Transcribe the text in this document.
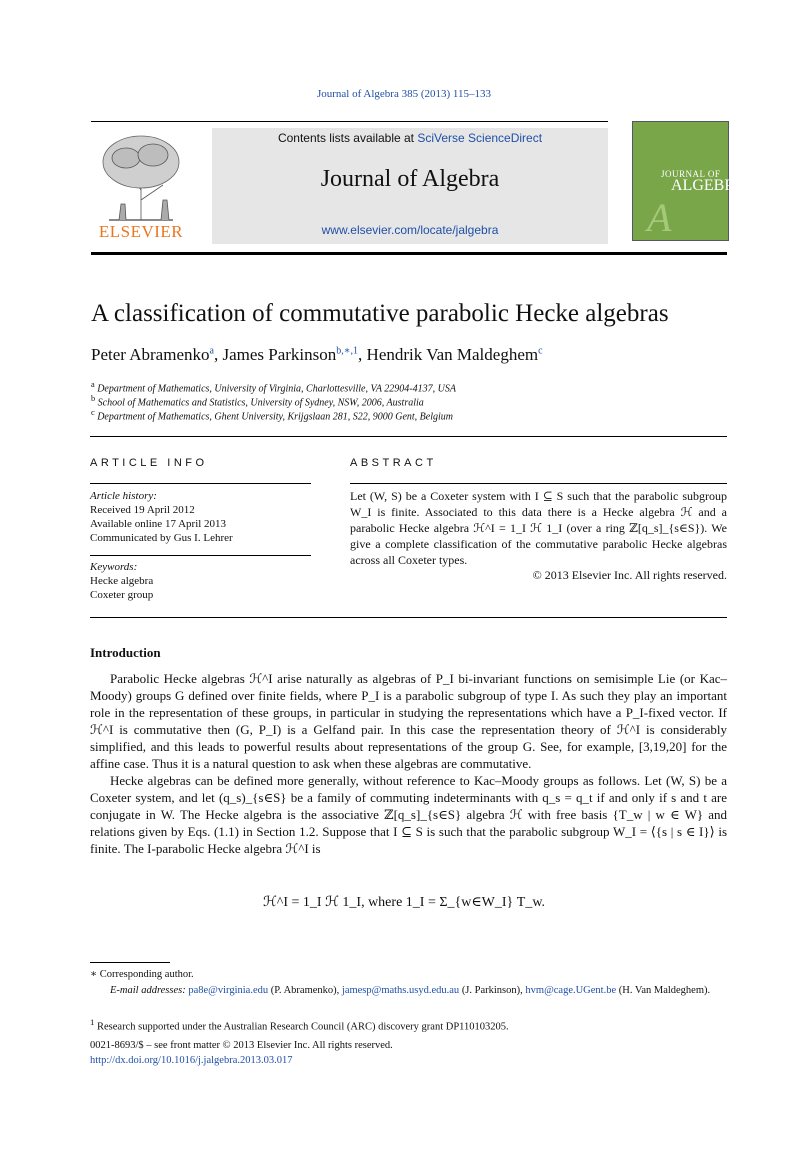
Journal of Algebra 385 (2013) 115–133
ELSEVIER
Contents lists available at SciVerse ScienceDirect
Journal of Algebra
www.elsevier.com/locate/jalgebra
JOURNAL OF
ALGEBRA
A
A classification of commutative parabolic Hecke algebras
Peter Abramenko$^a$, James Parkinson$^{b,∗,1}$, Hendrik Van Maldeghem$^c$
$^a$ Department of Mathematics, University of Virginia, Charlottesville, VA 22904-4137, USA
$^b$ School of Mathematics and Statistics, University of Sydney, NSW, 2006, Australia
$^c$ Department of Mathematics, Ghent University, Krijgslaan 281, S22, 9000 Gent, Belgium
ARTICLE INFO
Article history:
Received 19 April 2012
Available online 17 April 2013
Communicated by Gus I. Lehrer
Keywords:
Hecke algebra
Coxeter group
ABSTRACT
Let (W, S) be a Coxeter system with I ⊆ S such that the parabolic subgroup W_I is finite. Associated to this data there is a Hecke algebra ℋ and a parabolic Hecke algebra ℋ^I = 1_I ℋ 1_I (over a ring ℤ[q_s]_{s∈S}). We give a complete classification of the commutative parabolic Hecke algebras across all Coxeter types.
© 2013 Elsevier Inc. All rights reserved.
Introduction

Parabolic Hecke algebras ℋ^I arise naturally as algebras of P_I bi-invariant functions on semisimple Lie (or Kac–Moody) groups G defined over finite fields, where P_I is a parabolic subgroup of type I. As such they play an important role in the representation of these groups, in particular in studying the representations which have a P_I-fixed vector. If ℋ^I is commutative then (G, P_I) is a Gelfand pair. In this case the representation theory of ℋ^I is considerably simplified, and this leads to powerful results about representations of the group G. See, for example, [3,19,20] for the affine case. Thus it is a natural question to ask when these algebras are commutative.

Hecke algebras can be defined more generally, without reference to Kac–Moody groups as follows. Let (W, S) be a Coxeter system, and let (q_s)_{s∈S} be a family of commuting indeterminants with q_s = q_t if and only if s and t are conjugate in W. The Hecke algebra is the associative ℤ[q_s]_{s∈S} algebra ℋ with free basis {T_w | w ∈ W} and relations given by Eqs. (1.1) in Section 1.2. Suppose that I ⊆ S is such that the parabolic subgroup W_I = ⟨{s | s ∈ I}⟩ is finite. The I-parabolic Hecke algebra ℋ^I is

ℋ^I = 1_I ℋ 1_I, where 1_I = Σ_{w∈W_I} T_w.
∗ Corresponding author.
E-mail addresses: pa8e@virginia.edu (P. Abramenko), jamesp@maths.usyd.edu.au (J. Parkinson), hvm@cage.UGent.be (H. Van Maldeghem).
$^1$ Research supported under the Australian Research Council (ARC) discovery grant DP110103205.
0021-8693/$ – see front matter © 2013 Elsevier Inc. All rights reserved.
http://dx.doi.org/10.1016/j.jalgebra.2013.03.017
